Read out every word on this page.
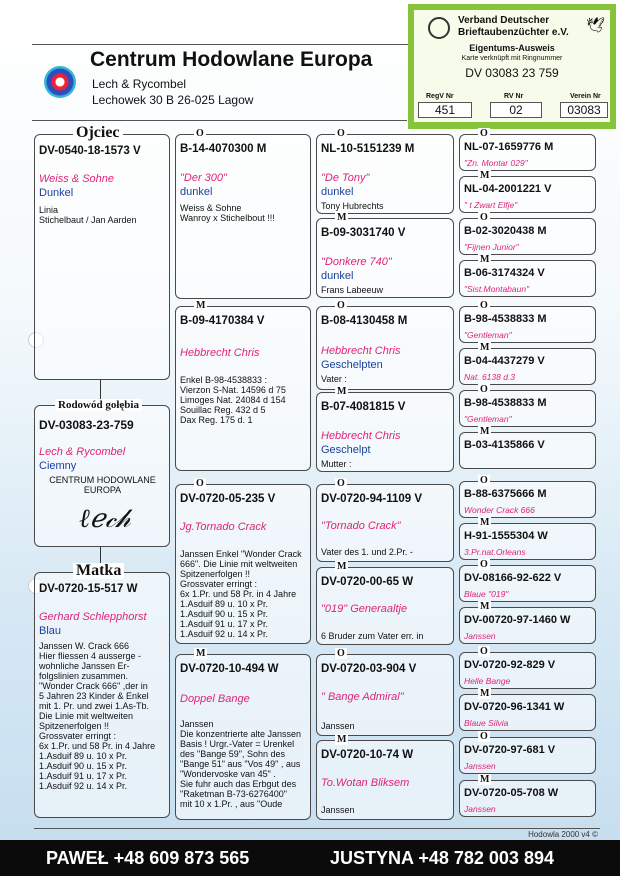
Centrum Hodowlane Europa
Lech & Rycombel
Lechowek 30 B 26-025 Lagow
Verband Deutscher
Brieftaubenzüchter e.V. 🕊
Eigentums-Ausweis
Karte verknüpft mit Ringnummer
DV 03083 23 759
RegV Nr	RV Nr	Verein Nr
451	02	03083
Ojciec
DV-0540-18-1573 V
Weiss & Sohne
Dunkel
Linia
Stichelbaut / Jan Aarden
Rodowód gołębia
DV-03083-23-759
Lech & Rycombel
Ciemny
CENTRUM HODOWLANE
EUROPA
ℓℯ𝒸𝒽
Matka
DV-0720-15-517 W
Gerhard Schlepphorst
Blau
Janssen W. Crack 666
Hier fliessen 4 ausserge -
wohnliche Janssen Er-
folgslinien zusammen.
"Wonder Crack 666" ,der in
5 Jahren 23 Kinder & Enkel
mit 1. Pr. und zwei 1.As-Tb.
Die Linie mit weltweiten
Spitzenerfolgen !!
Grossvater erringt :
6x 1.Pr. und 58 Pr. in 4 Jahre
1.Asduif 89 u. 10 x Pr.
1.Asduif 90 u. 15 x Pr.
1.Asduif 91 u. 17 x Pr.
1.Asduif 92 u. 14 x Pr.
O
B-14-4070300 M
"Der 300"
dunkel
Weiss & Sohne
Wanroy x Stichelbout !!!
M
B-09-4170384 V
Hebbrecht Chris
Enkel B-98-4538833 :
Vierzon S-Nat. 14596 d 75
Limoges Nat. 24084 d 154
Souillac Reg. 432 d 5
Dax Reg. 175 d. 1
O
DV-0720-05-235 V
Jg.Tornado Crack
Janssen Enkel "Wonder Crack
666". Die Linie mit weltweiten
Spitzenerfolgen !!
Grossvater erringt :
6x 1.Pr. und 58 Pr. in 4 Jahre
1.Asduif 89 u. 10 x Pr.
1.Asduif 90 u. 15 x Pr.
1.Asduif 91 u. 17 x Pr.
1.Asduif 92 u. 14 x Pr.
M
DV-0720-10-494 W
Doppel Bange
Janssen
Die konzentrierte alte Janssen
Basis ! Urgr.-Vater = Urenkel
des "Bange 59", Sohn des
"Bange 51" aus "Vos 49" , aus
"Wondervoske van 45" .
Sie fuhr auch das Erbgut des
"Raketman B-73-6276400"
mit 10 x 1.Pr. , aus "Oude
O
NL-10-5151239 M
"De Tony"
dunkel
Tony Hubrechts
M
B-09-3031740 V
"Donkere 740"
dunkel
Frans Labeeuw
O
B-08-4130458 M
Hebbrecht Chris
Geschelpten
Vater :
M
B-07-4081815 V
Hebbrecht Chris
Geschelpt
Mutter :
O
DV-0720-94-1109 V
"Tornado Crack"
Vater des 1. und 2.Pr. -
M
DV-0720-00-65 W
"019" Generaaltje
6 Bruder zum Vater err. in
O
DV-0720-03-904 V
" Bange Admiral"
Janssen
M
DV-0720-10-74 W
To.Wotan Bliksem
Janssen
O
NL-07-1659776 M
"Zn. Montar 029"
M
NL-04-2001221 V
" t Zwart Elfje"
O
B-02-3020438 M
"Fijnen Junior"
M
B-06-3174324 V
"Sist.Montabaun"
O
B-98-4538833 M
"Gentleman"
M
B-04-4437279 V
Nat. 6138 d.3
O
B-98-4538833 M
"Gentleman"
M
B-03-4135866 V
O
B-88-6375666 M
Wonder Crack 666
M
H-91-1555304 W
3.Pr.nat.Orleans
O
DV-08166-92-622 V
Blaue "019"
M
DV-00720-97-1460 W
Janssen
O
DV-0720-92-829 V
Helle Bange
M
DV-0720-96-1341 W
Blaue Silvia
O
DV-0720-97-681 V
Janssen
M
DV-0720-05-708 W
Janssen
Hodowla 2000 v4 ©
PAWEŁ +48 609 873 565	JUSTYNA +48 782 003 894
